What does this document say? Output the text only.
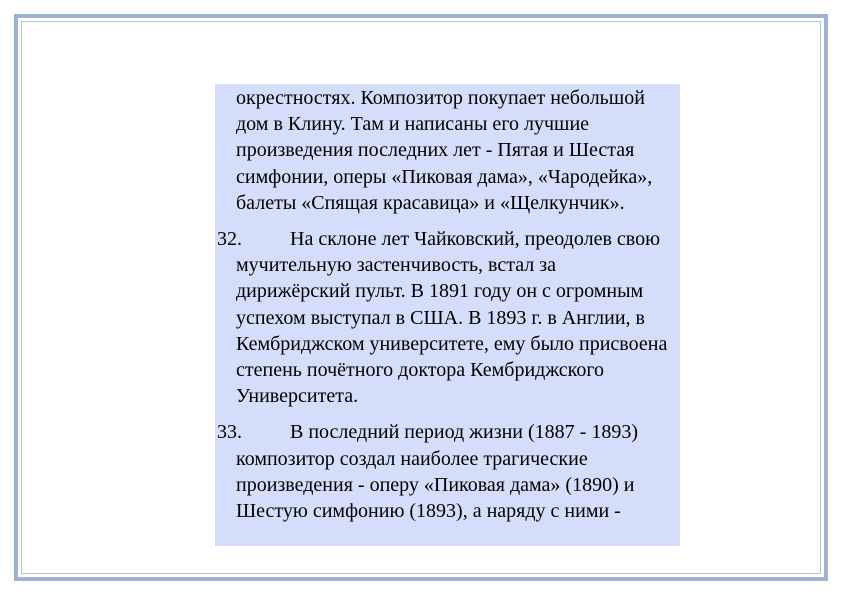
окрестностях. Композитор покупает небольшой дом в Клину. Там и написаны его лучшие произведения последних лет - Пятая и Шестая симфонии, оперы «Пиковая дама», «Чародейка», балеты «Спящая красавица» и «Щелкунчик».

32. На склоне лет Чайковский, преодолев свою мучительную застенчивость, встал за дирижёрский пульт. В 1891 году он с огромным успехом выступал в США. В 1893 г. в Англии, в Кембриджском университете, ему было присвоена степень почётного доктора Кембриджского Университета.

33. В последний период жизни (1887 - 1893) композитор создал наиболее трагические произведения - оперу «Пиковая дама» (1890) и Шестую симфонию (1893), а наряду с ними -
